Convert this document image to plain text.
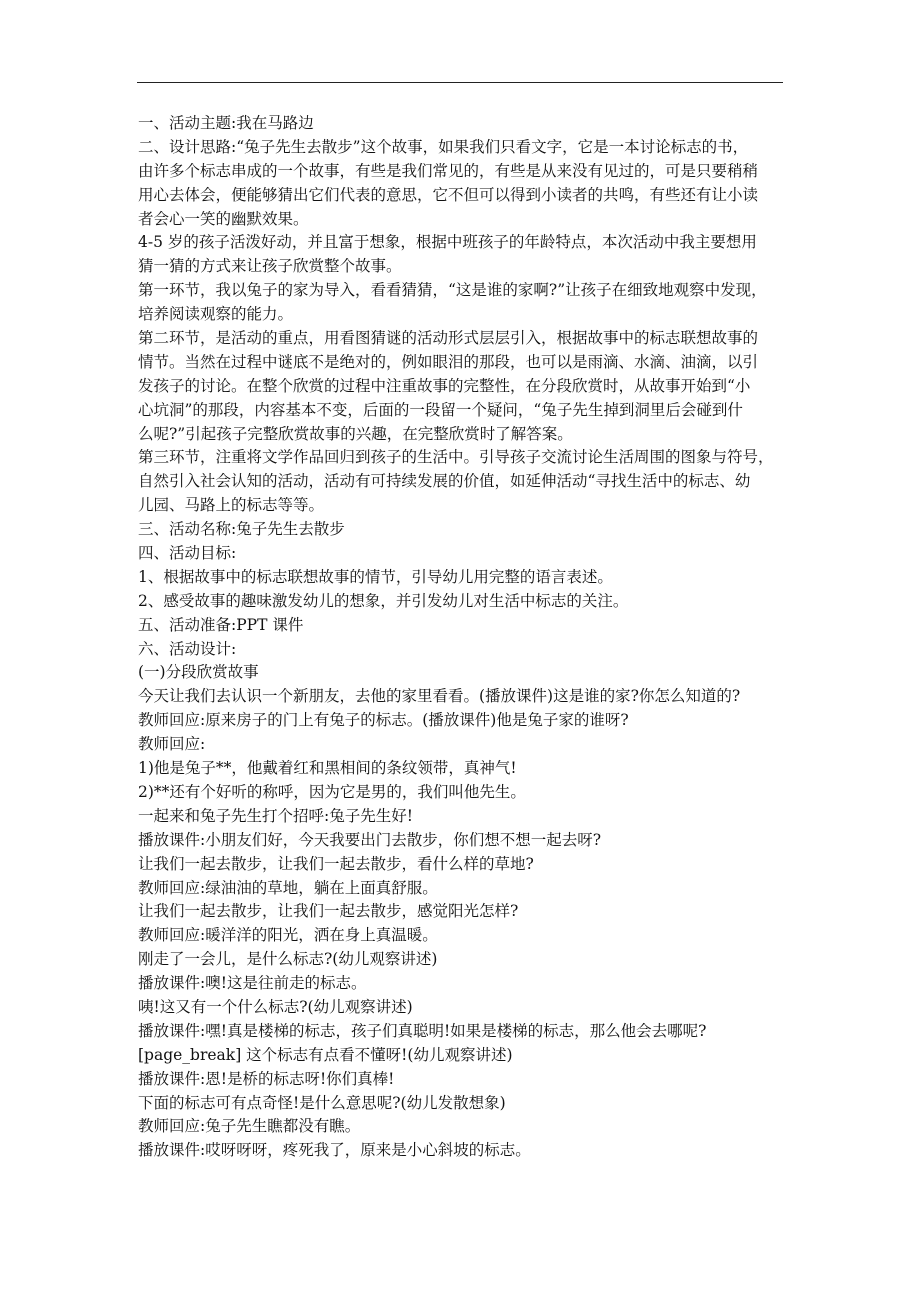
一、活动主题:我在马路边
二、设计思路:“兔子先生去散步”这个故事，如果我们只看文字，它是一本讨论标志的书，
由许多个标志串成的一个故事，有些是我们常见的，有些是从来没有见过的，可是只要稍稍
用心去体会，便能够猜出它们代表的意思，它不但可以得到小读者的共鸣，有些还有让小读
者会心一笑的幽默效果。
4-5 岁的孩子活泼好动，并且富于想象，根据中班孩子的年龄特点，本次活动中我主要想用
猜一猜的方式来让孩子欣赏整个故事。
第一环节，我以兔子的家为导入，看看猜猜，“这是谁的家啊?”让孩子在细致地观察中发现，
培养阅读观察的能力。
第二环节，是活动的重点，用看图猜谜的活动形式层层引入，根据故事中的标志联想故事的
情节。当然在过程中谜底不是绝对的，例如眼泪的那段，也可以是雨滴、水滴、油滴，以引
发孩子的讨论。在整个欣赏的过程中注重故事的完整性，在分段欣赏时，从故事开始到“小
心坑洞”的那段，内容基本不变，后面的一段留一个疑问，“兔子先生掉到洞里后会碰到什
么呢?”引起孩子完整欣赏故事的兴趣，在完整欣赏时了解答案。
第三环节，注重将文学作品回归到孩子的生活中。引导孩子交流讨论生活周围的图象与符号，
自然引入社会认知的活动，活动有可持续发展的价值，如延伸活动“寻找生活中的标志、幼
儿园、马路上的标志等等。
三、活动名称:兔子先生去散步
四、活动目标:
1、根据故事中的标志联想故事的情节，引导幼儿用完整的语言表述。
2、感受故事的趣味激发幼儿的想象，并引发幼儿对生活中标志的关注。
五、活动准备:PPT 课件
六、活动设计:
(一)分段欣赏故事
今天让我们去认识一个新朋友，去他的家里看看。(播放课件)这是谁的家?你怎么知道的?
教师回应:原来房子的门上有兔子的标志。(播放课件)他是兔子家的谁呀?
教师回应:
1)他是兔子**，他戴着红和黑相间的条纹领带，真神气!
2)**还有个好听的称呼，因为它是男的，我们叫他先生。
一起来和兔子先生打个招呼:兔子先生好!
播放课件:小朋友们好，今天我要出门去散步，你们想不想一起去呀?
让我们一起去散步，让我们一起去散步，看什么样的草地?
教师回应:绿油油的草地，躺在上面真舒服。
让我们一起去散步，让我们一起去散步，感觉阳光怎样?
教师回应:暖洋洋的阳光，洒在身上真温暖。
刚走了一会儿，是什么标志?(幼儿观察讲述)
播放课件:噢!这是往前走的标志。
咦!这又有一个什么标志?(幼儿观察讲述)
播放课件:嘿!真是楼梯的标志，孩子们真聪明!如果是楼梯的标志，那么他会去哪呢?
[page_break] 这个标志有点看不懂呀!(幼儿观察讲述)
播放课件:恩!是桥的标志呀!你们真棒!
下面的标志可有点奇怪!是什么意思呢?(幼儿发散想象)
教师回应:兔子先生瞧都没有瞧。
播放课件:哎呀呀呀，疼死我了，原来是小心斜坡的标志。
